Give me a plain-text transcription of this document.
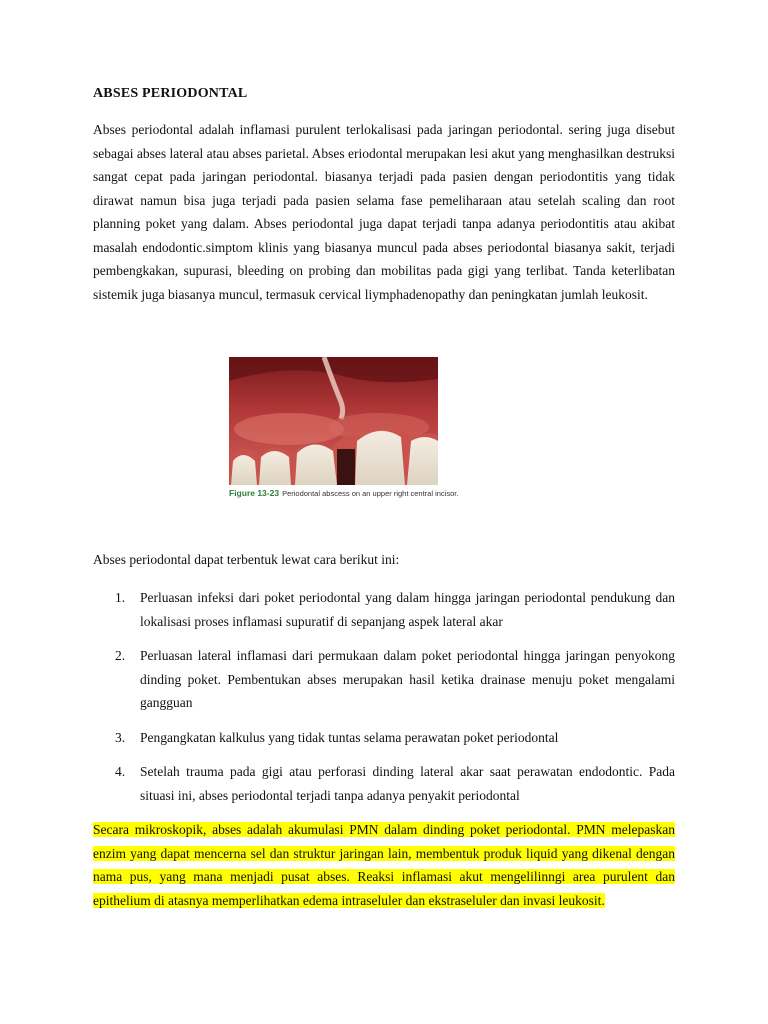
ABSES PERIODONTAL

Abses periodontal adalah inflamasi purulent terlokalisasi pada jaringan periodontal. sering juga disebut sebagai abses lateral atau abses parietal. Abses eriodontal merupakan lesi akut yang menghasilkan destruksi sangat cepat pada jaringan periodontal. biasanya terjadi pada pasien dengan periodontitis yang tidak dirawat namun bisa juga terjadi pada pasien selama fase pemeliharaan atau setelah scaling dan root planning poket yang dalam. Abses periodontal juga dapat terjadi tanpa adanya periodontitis atau akibat masalah endodontic.simptom klinis yang biasanya muncul pada abses periodontal biasanya sakit, terjadi pembengkakan, supurasi, bleeding on probing dan mobilitas pada gigi yang terlibat. Tanda keterlibatan sistemik juga biasanya muncul, termasuk cervical liymphadenopathy dan peningkatan jumlah leukosit.

Figure 13-23 Periodontal abscess on an upper right central incisor.

Abses periodontal dapat terbentuk lewat cara berikut ini:

1. Perluasan infeksi dari poket periodontal yang dalam hingga jaringan periodontal pendukung dan lokalisasi proses inflamasi supuratif di sepanjang aspek lateral akar
2. Perluasan lateral inflamasi dari permukaan dalam poket periodontal hingga jaringan penyokong dinding poket. Pembentukan abses merupakan hasil ketika drainase menuju poket mengalami gangguan
3. Pengangkatan kalkulus yang tidak tuntas selama perawatan poket periodontal
4. Setelah trauma pada gigi atau perforasi dinding lateral akar saat perawatan endodontic. Pada situasi ini, abses periodontal terjadi tanpa adanya penyakit periodontal

Secara mikroskopik, abses adalah akumulasi PMN dalam dinding poket periodontal. PMN melepaskan enzim yang dapat mencerna sel dan struktur jaringan lain, membentuk produk liquid yang dikenal dengan nama pus, yang mana menjadi pusat abses. Reaksi inflamasi akut mengelilinngi area purulent dan epithelium di atasnya memperlihatkan edema intraseluler dan ekstraseluler dan invasi leukosit.
